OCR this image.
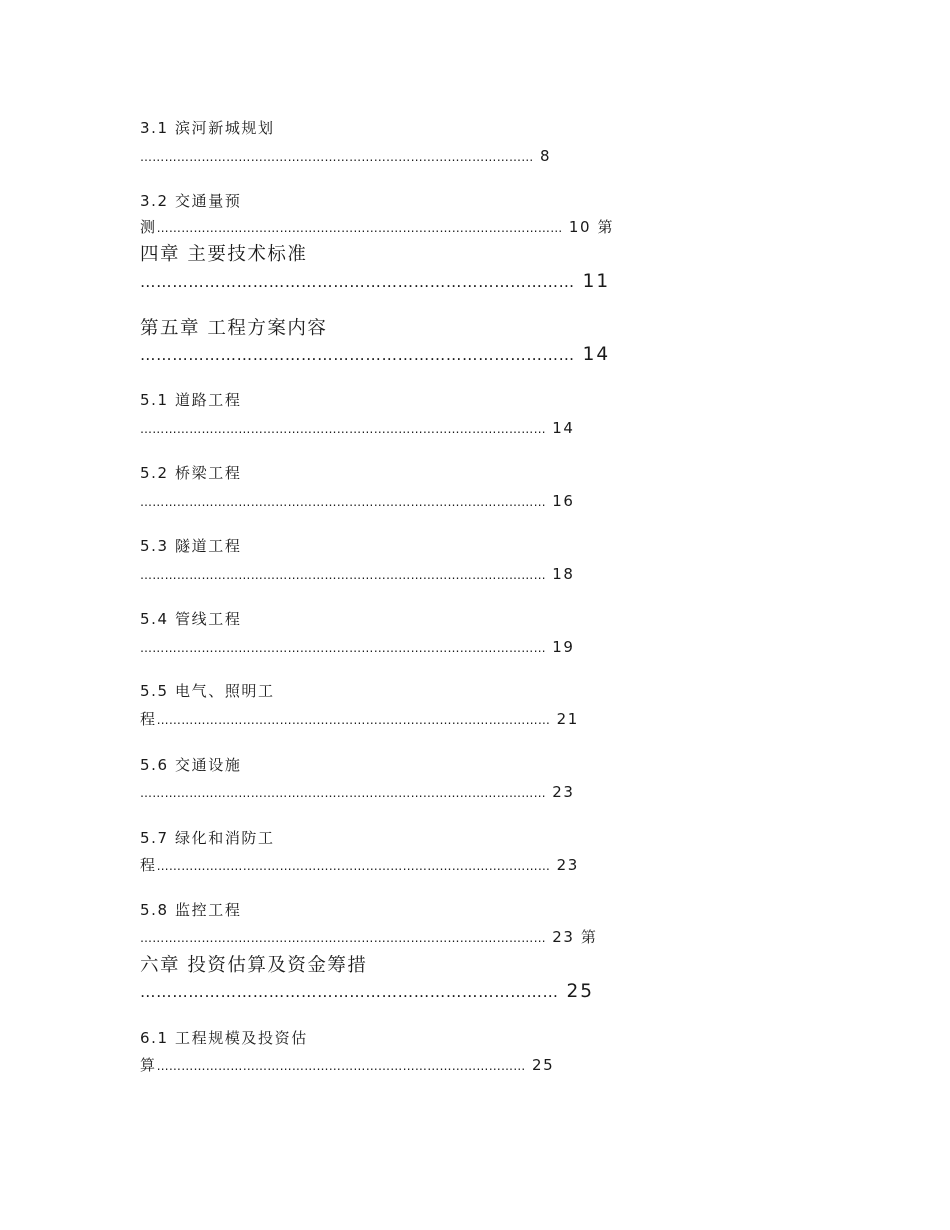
3.1 滨河新城规划
…………………………………………………………………………………… 8
3.2 交通量预
测……………………………………………………………………………………… 10 第
四章 主要技术标准
……………………………………………………………………… 11
第五章 工程方案内容
……………………………………………………………………… 14
5.1 道路工程
……………………………………………………………………………………… 14
5.2 桥梁工程
……………………………………………………………………………………… 16
5.3 隧道工程
……………………………………………………………………………………… 18
5.4 管线工程
……………………………………………………………………………………… 19
5.5 电气、照明工
程…………………………………………………………………………………… 21
5.6 交通设施
……………………………………………………………………………………… 23
5.7 绿化和消防工
程…………………………………………………………………………………… 23
5.8 监控工程
……………………………………………………………………………………… 23 第
六章 投资估算及资金筹措
…………………………………………………………………… 25
6.1 工程规模及投资估
算……………………………………………………………………………… 25
